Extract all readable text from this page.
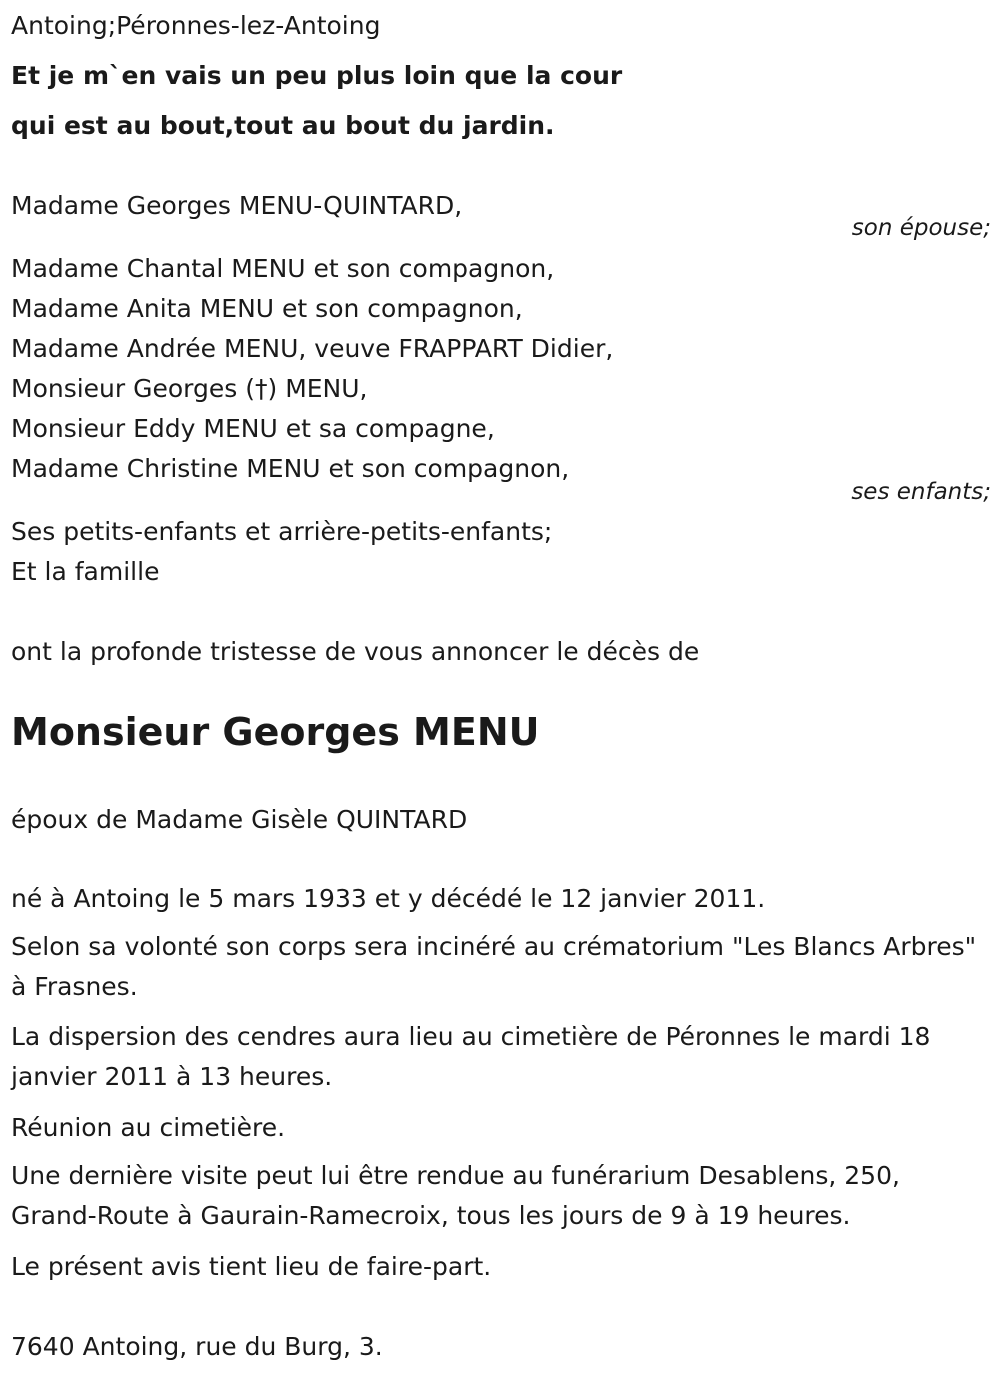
Antoing;Péronnes-lez-Antoing
Et je m`en vais un peu plus loin que la cour
qui est au bout,tout au bout du jardin.
Madame Georges MENU-QUINTARD,
son épouse;
Madame Chantal MENU et son compagnon,
Madame Anita MENU et son compagnon,
Madame Andrée MENU, veuve FRAPPART Didier,
Monsieur Georges (†) MENU,
Monsieur Eddy MENU et sa compagne,
Madame Christine MENU et son compagnon,
ses enfants;
Ses petits-enfants et arrière-petits-enfants;
Et la famille
ont la profonde tristesse de vous annoncer le décès de
Monsieur Georges MENU
époux de Madame Gisèle QUINTARD
né à Antoing le 5 mars 1933 et y décédé le 12 janvier 2011.
Selon sa volonté son corps sera incinéré au crématorium "Les Blancs Arbres" à Frasnes.
La dispersion des cendres aura lieu au cimetière de Péronnes le mardi 18 janvier 2011 à 13 heures.
Réunion au cimetière.
Une dernière visite peut lui être rendue au funérarium Desablens, 250, Grand-Route à Gaurain-Ramecroix, tous les jours de 9 à 19 heures.
Le présent avis tient lieu de faire-part.
7640 Antoing, rue du Burg, 3.
